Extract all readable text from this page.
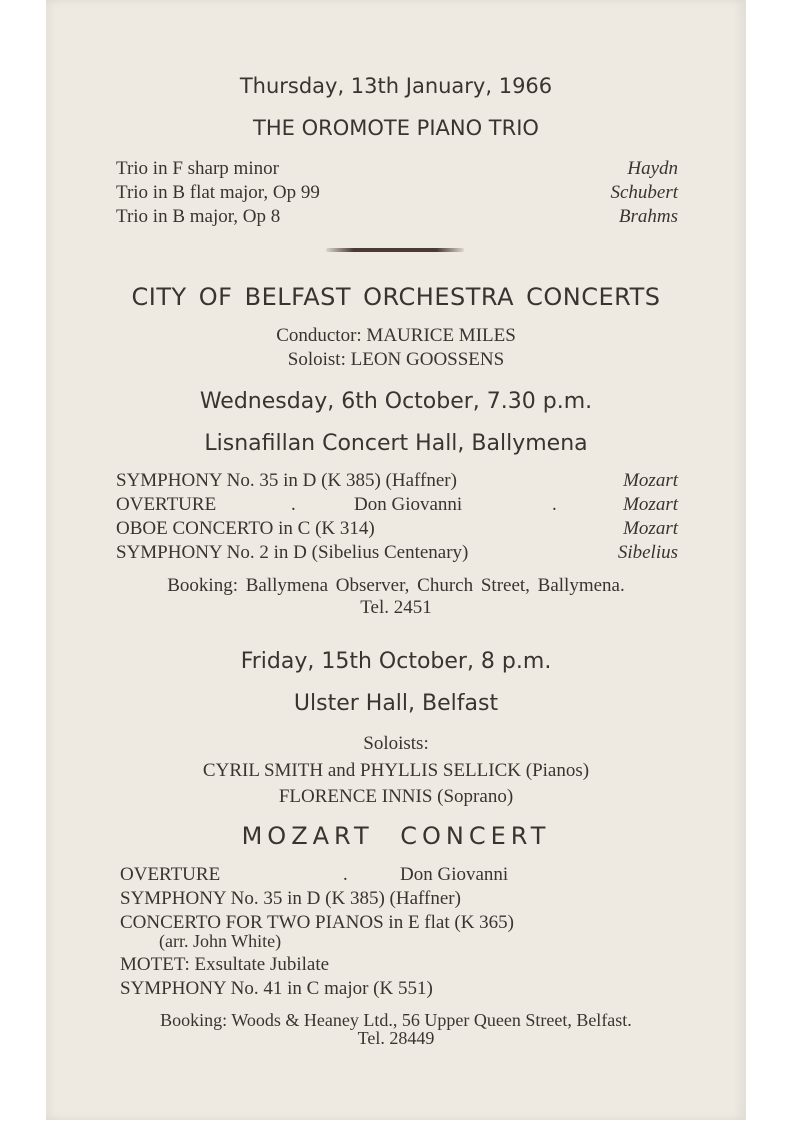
Thursday, 13th January, 1966
THE OROMOTE PIANO TRIO
Trio in F sharp minor	Haydn
Trio in B flat major, Op 99	Schubert
Trio in B major, Op 8	Brahms
CITY OF BELFAST ORCHESTRA CONCERTS
Conductor: MAURICE MILES
Soloist: LEON GOOSSENS
Wednesday, 6th October, 7.30 p.m.
Lisnafillan Concert Hall, Ballymena
SYMPHONY No. 35 in D (K 385) (Haffner)	Mozart
OVERTURE	.	Don Giovanni	.	Mozart
OBOE CONCERTO in C (K 314)	Mozart
SYMPHONY No. 2 in D (Sibelius Centenary)	Sibelius
Booking: Ballymena Observer, Church Street, Ballymena.
Tel. 2451
Friday, 15th October, 8 p.m.
Ulster Hall, Belfast
Soloists:
CYRIL SMITH and PHYLLIS SELLICK (Pianos)
FLORENCE INNIS (Soprano)
MOZART CONCERT
OVERTURE	.	Don Giovanni
SYMPHONY No. 35 in D (K 385) (Haffner)
CONCERTO FOR TWO PIANOS in E flat (K 365)
(arr. John White)
MOTET: Exsultate Jubilate
SYMPHONY No. 41 in C major (K 551)
Booking: Woods & Heaney Ltd., 56 Upper Queen Street, Belfast.
Tel. 28449
